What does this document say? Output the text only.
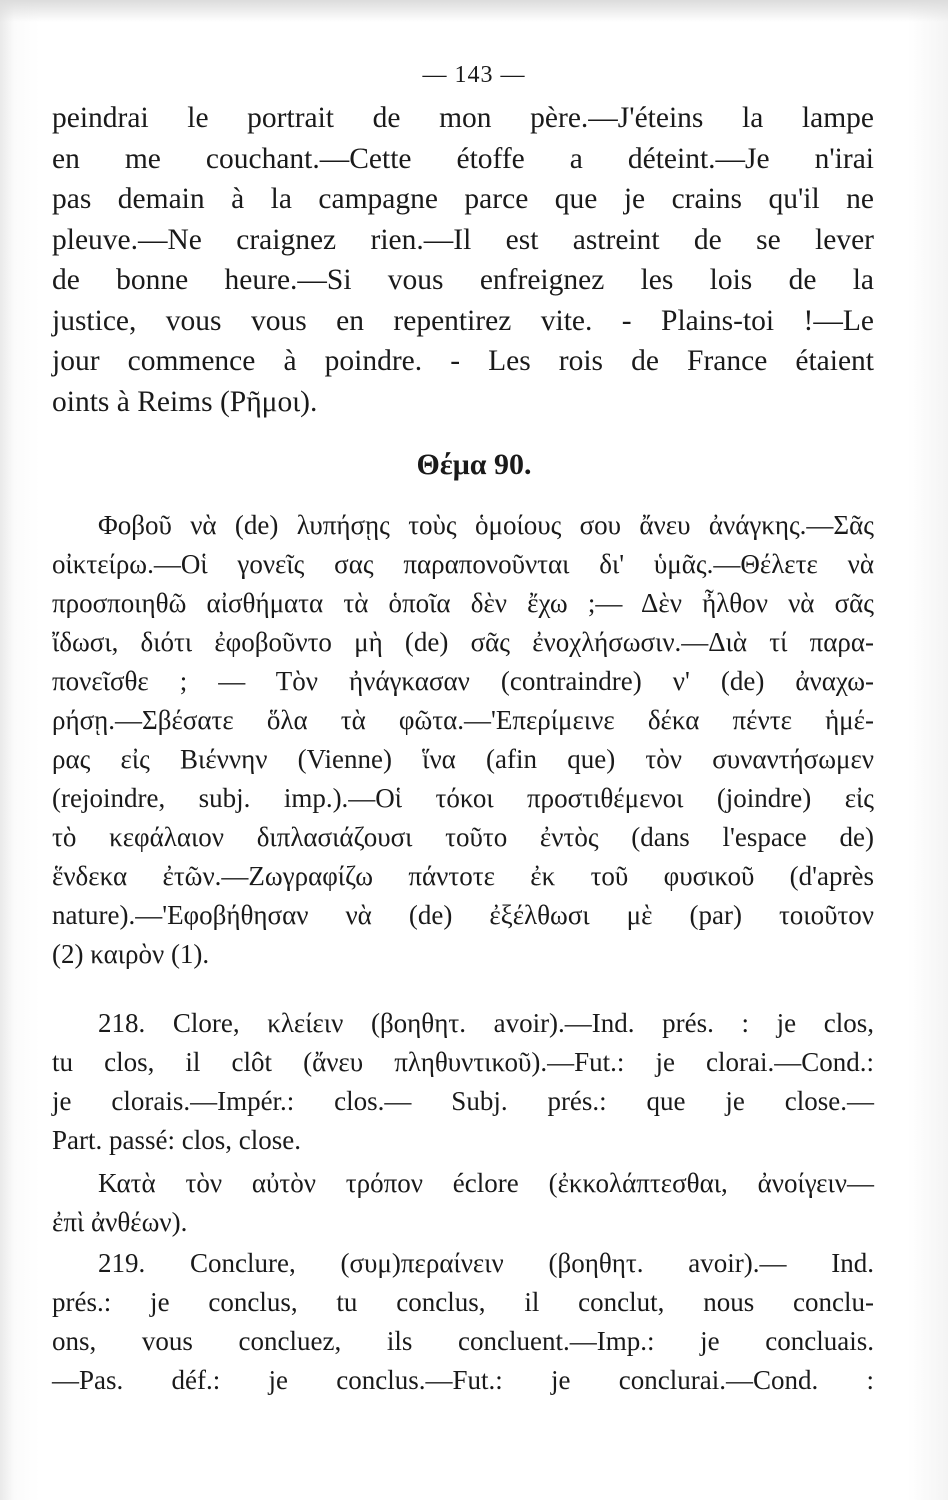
— 143 —
peindrai le portrait de mon père.—J'éteins la lampe
en me couchant.—Cette étoffe a déteint.—Je n'irai
pas demain à la campagne parce que je crains qu'il ne
pleuve.—Ne craignez rien.—Il est astreint de se lever
de bonne heure.—Si vous enfreignez les lois de la
justice, vous vous en repentirez vite. - Plains-toi !—Le
jour commence à poindre. - Les rois de France étaient
oints à Reims (Ρῆμοι).
Θέμα 90.
Φοβοῦ νὰ (de) λυπήσῃς τοὺς ὁμοίους σου ἄνευ ἀνάγκης.—Σᾶς
οἰκτείρω.—Οἱ γονεῖς σας παραπονοῦνται δι' ὑμᾶς.—Θέλετε νὰ
προσποιηθῶ αἰσθήματα τὰ ὁποῖα δὲν ἔχω ;— Δὲν ἦλθον νὰ σᾶς
ἴδωσι, διότι ἐφοβοῦντο μὴ (de) σᾶς ἐνοχλήσωσιν.—Διὰ τί παρα-
πονεῖσθε ; — Τὸν ἠνάγκασαν (contraindre) ν' (de) ἀναχω-
ρήσῃ.—Σβέσατε ὅλα τὰ φῶτα.—'Επερίμεινε δέκα πέντε ἡμέ-
ρας εἰς Βιέννην (Vienne) ἵνα (afin que) τὸν συναντήσωμεν
(rejoindre, subj. imp.).—Οἱ τόκοι προστιθέμενοι (joindre) εἰς
τὸ κεφάλαιον διπλασιάζουσι τοῦτο ἐντὸς (dans l'espace de)
ἕνδεκα ἐτῶν.—Ζωγραφίζω πάντοτε ἐκ τοῦ φυσικοῦ (d'après
nature).—'Εφοβήθησαν νὰ (de) ἐξέλθωσι μὲ (par) τοιοῦτον
(2) καιρὸν (1).
218. Clore, κλείειν (βοηθητ. avoir).—Ind. prés. : je clos,
tu clos, il clôt (ἄνευ πληθυντικοῦ).—Fut.: je clorai.—Cond.:
je clorais.—Impér.: clos.— Subj. prés.: que je close.—
Part. passé: clos, close.
Κατὰ τὸν αὐτὸν τρόπον éclore (ἐκκολάπτεσθαι, ἀνοίγειν—
ἐπὶ ἀνθέων).
219. Conclure, (συμ)περαίνειν (βοηθητ. avoir).— Ind.
prés.: je conclus, tu conclus, il conclut, nous conclu-
ons, vous concluez, ils concluent.—Imp.: je concluais.
—Pas. déf.: je conclus.—Fut.: je conclurai.—Cond. :
